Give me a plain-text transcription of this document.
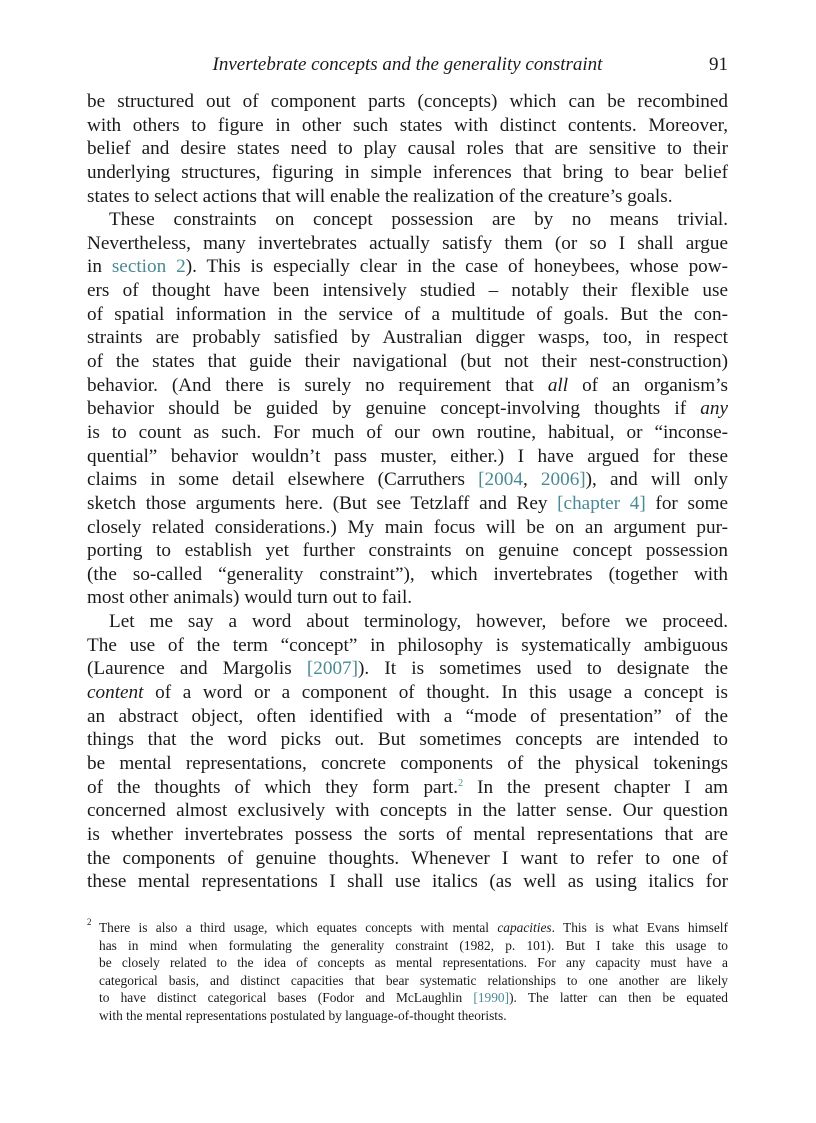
Invertebrate concepts and the generality constraint	91
be structured out of component parts (concepts) which can be recombined
with others to figure in other such states with distinct contents. Moreover,
belief and desire states need to play causal roles that are sensitive to their
underlying structures, figuring in simple inferences that bring to bear belief
states to select actions that will enable the realization of the creature’s goals.
These constraints on concept possession are by no means trivial.
Nevertheless, many invertebrates actually satisfy them (or so I shall argue
in section 2). This is especially clear in the case of honeybees, whose pow-
ers of thought have been intensively studied – notably their flexible use
of spatial information in the service of a multitude of goals. But the con-
straints are probably satisfied by Australian digger wasps, too, in respect
of the states that guide their navigational (but not their nest-construction)
behavior. (And there is surely no requirement that all of an organism’s
behavior should be guided by genuine concept-involving thoughts if any
is to count as such. For much of our own routine, habitual, or “inconse-
quential” behavior wouldn’t pass muster, either.) I have argued for these
claims in some detail elsewhere (Carruthers [2004, 2006]), and will only
sketch those arguments here. (But see Tetzlaff and Rey [chapter 4] for some
closely related considerations.) My main focus will be on an argument pur-
porting to establish yet further constraints on genuine concept possession
(the so-called “generality constraint”), which invertebrates (together with
most other animals) would turn out to fail.
Let me say a word about terminology, however, before we proceed.
The use of the term “concept” in philosophy is systematically ambiguous
(Laurence and Margolis [2007]). It is sometimes used to designate the
content of a word or a component of thought. In this usage a concept is
an abstract object, often identified with a “mode of presentation” of the
things that the word picks out. But sometimes concepts are intended to
be mental representations, concrete components of the physical tokenings
of the thoughts of which they form part.$^2$ In the present chapter I am
concerned almost exclusively with concepts in the latter sense. Our question
is whether invertebrates possess the sorts of mental representations that are
the components of genuine thoughts. Whenever I want to refer to one of
these mental representations I shall use italics (as well as using italics for
2 There is also a third usage, which equates concepts with mental capacities. This is what Evans himself
has in mind when formulating the generality constraint (1982, p. 101). But I take this usage to
be closely related to the idea of concepts as mental representations. For any capacity must have a
categorical basis, and distinct capacities that bear systematic relationships to one another are likely
to have distinct categorical bases (Fodor and McLaughlin [1990]). The latter can then be equated
with the mental representations postulated by language-of-thought theorists.
